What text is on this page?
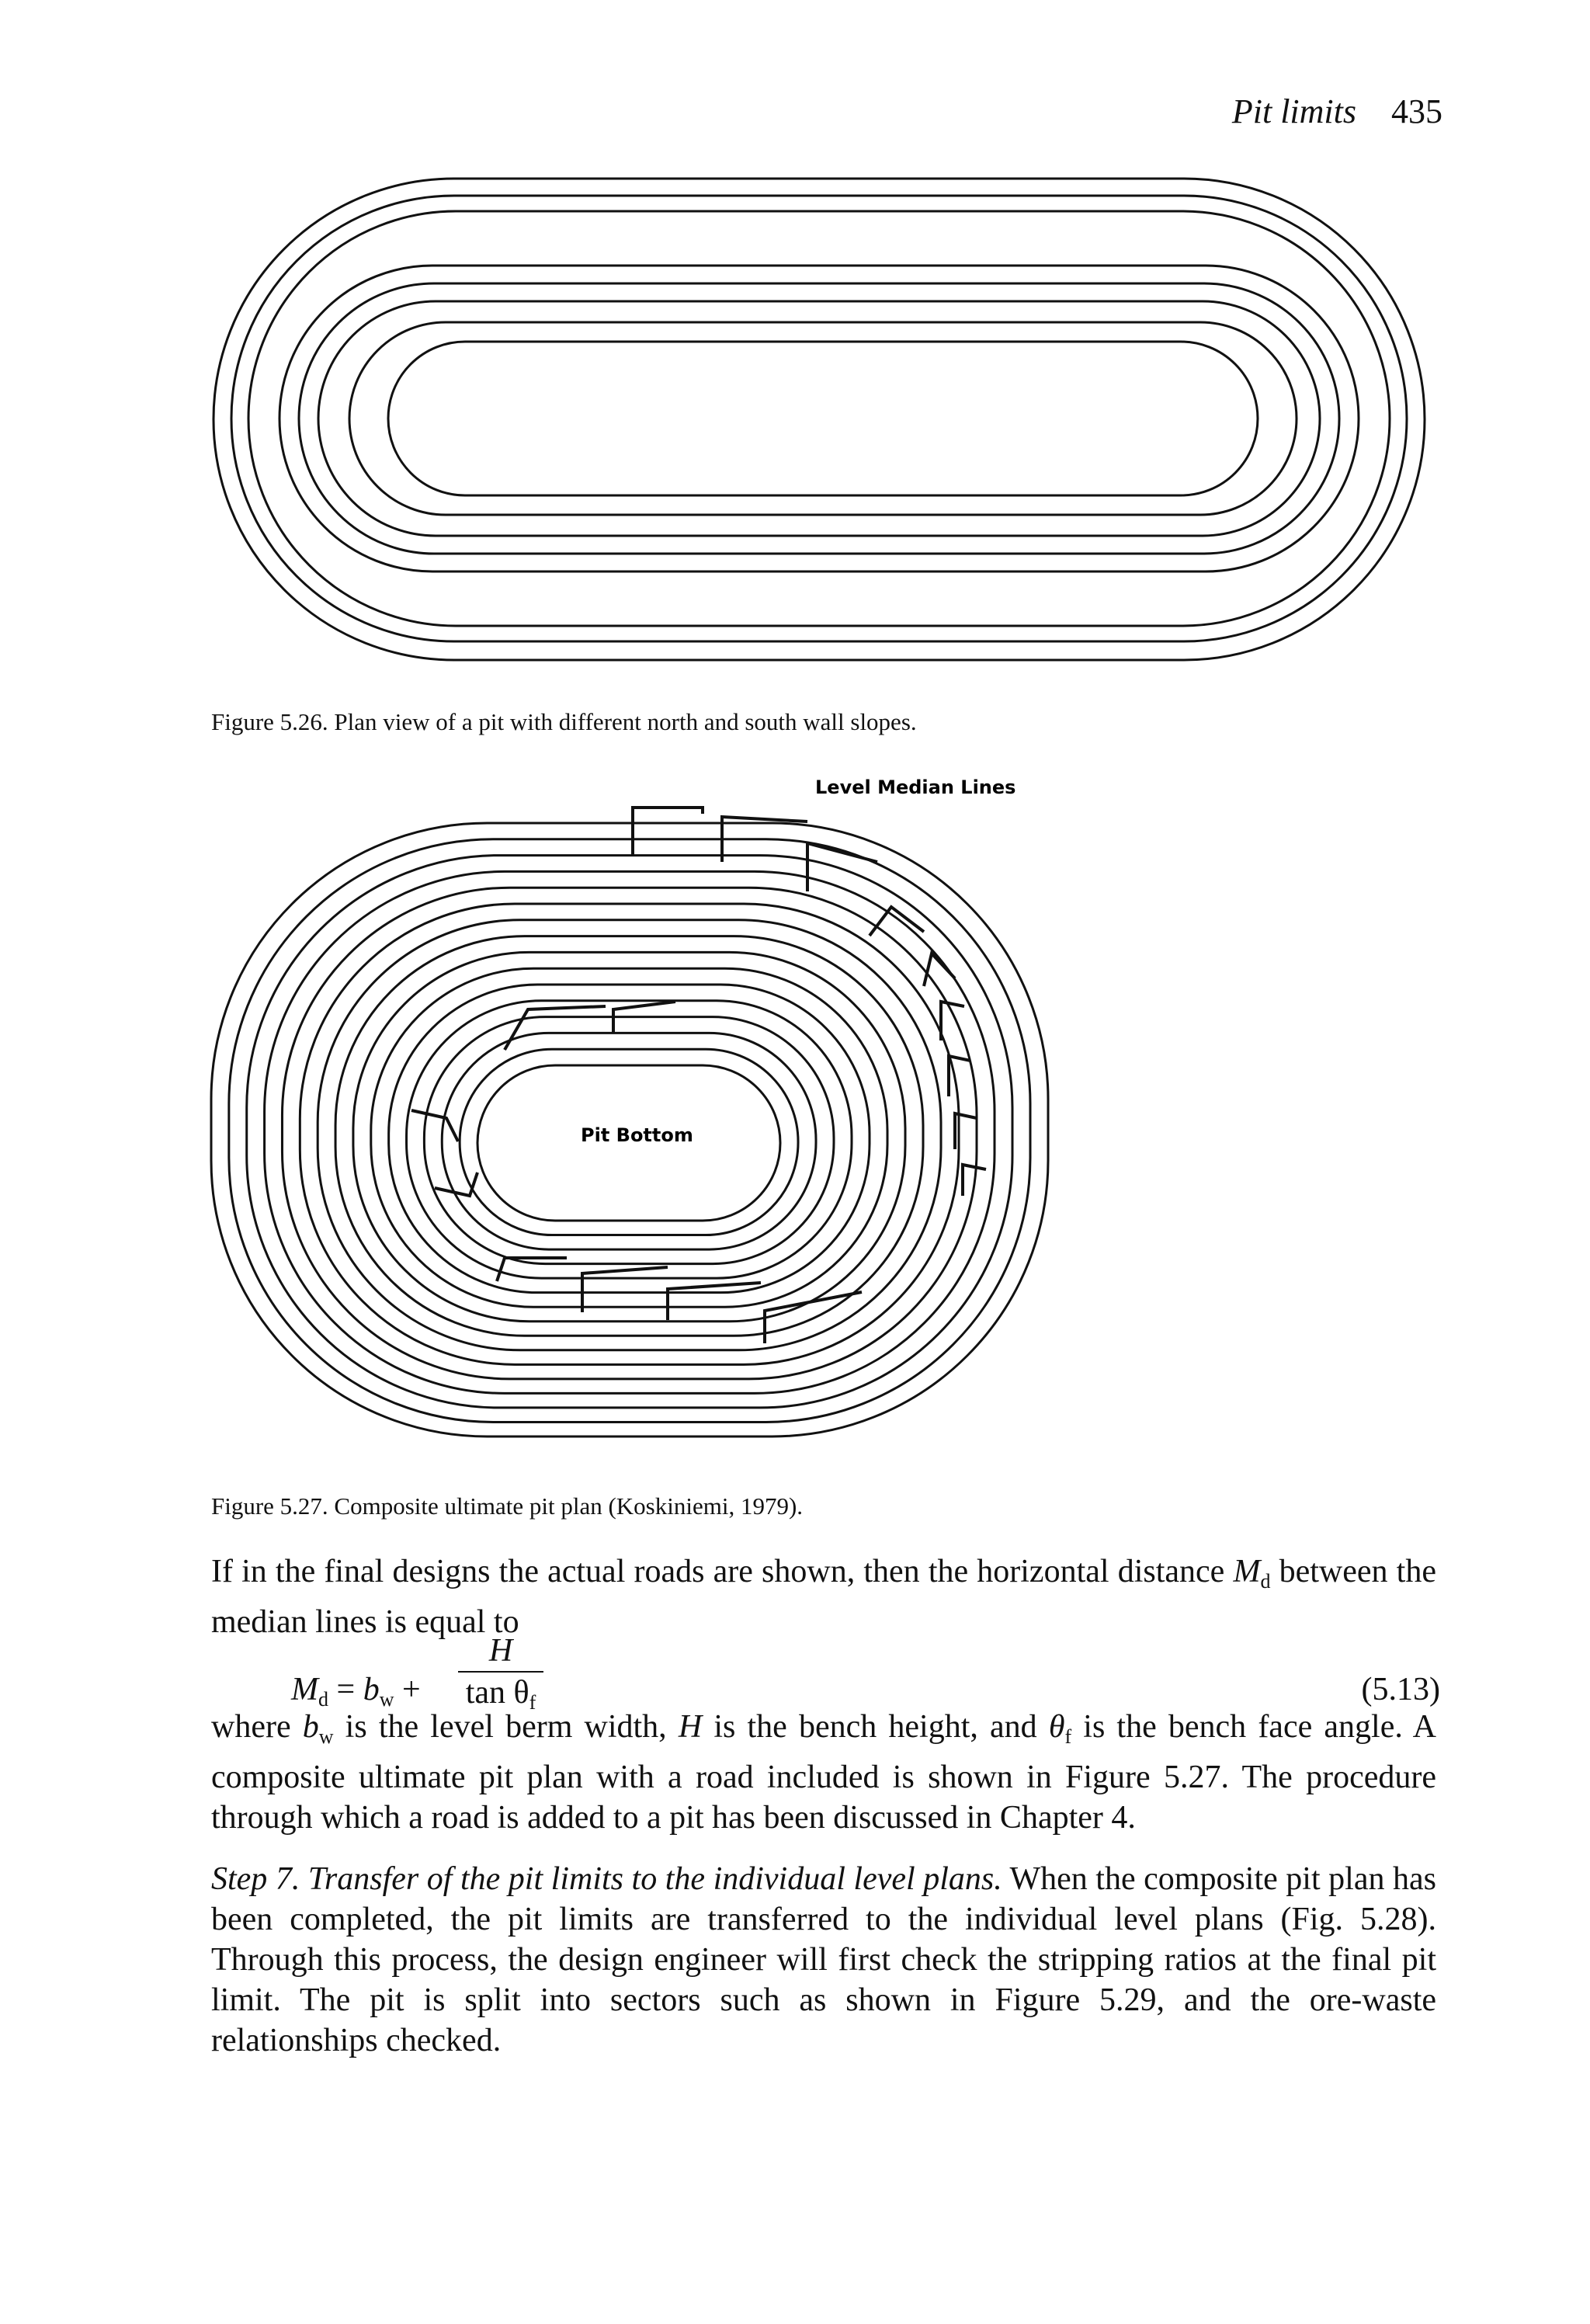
Pit limits 435
Figure 5.26. Plan view of a pit with different north and south wall slopes.
Level Median Lines
Pit Bottom
Figure 5.27. Composite ultimate pit plan (Koskiniemi, 1979).
If in the final designs the actual roads are shown, then the horizontal distance $M_d$ between the median lines is equal to
$M_d = b_w + \frac{H}{\tan \theta_f}$	(5.13)
where $b_w$ is the level berm width, H is the bench height, and $\theta_f$ is the bench face angle. A composite ultimate pit plan with a road included is shown in Figure 5.27. The procedure through which a road is added to a pit has been discussed in Chapter 4.
Step 7. Transfer of the pit limits to the individual level plans. When the composite pit plan has been completed, the pit limits are transferred to the individual level plans (Fig. 5.28). Through this process, the design engineer will first check the stripping ratios at the final pit limit. The pit is split into sectors such as shown in Figure 5.29, and the ore-waste relationships checked.
